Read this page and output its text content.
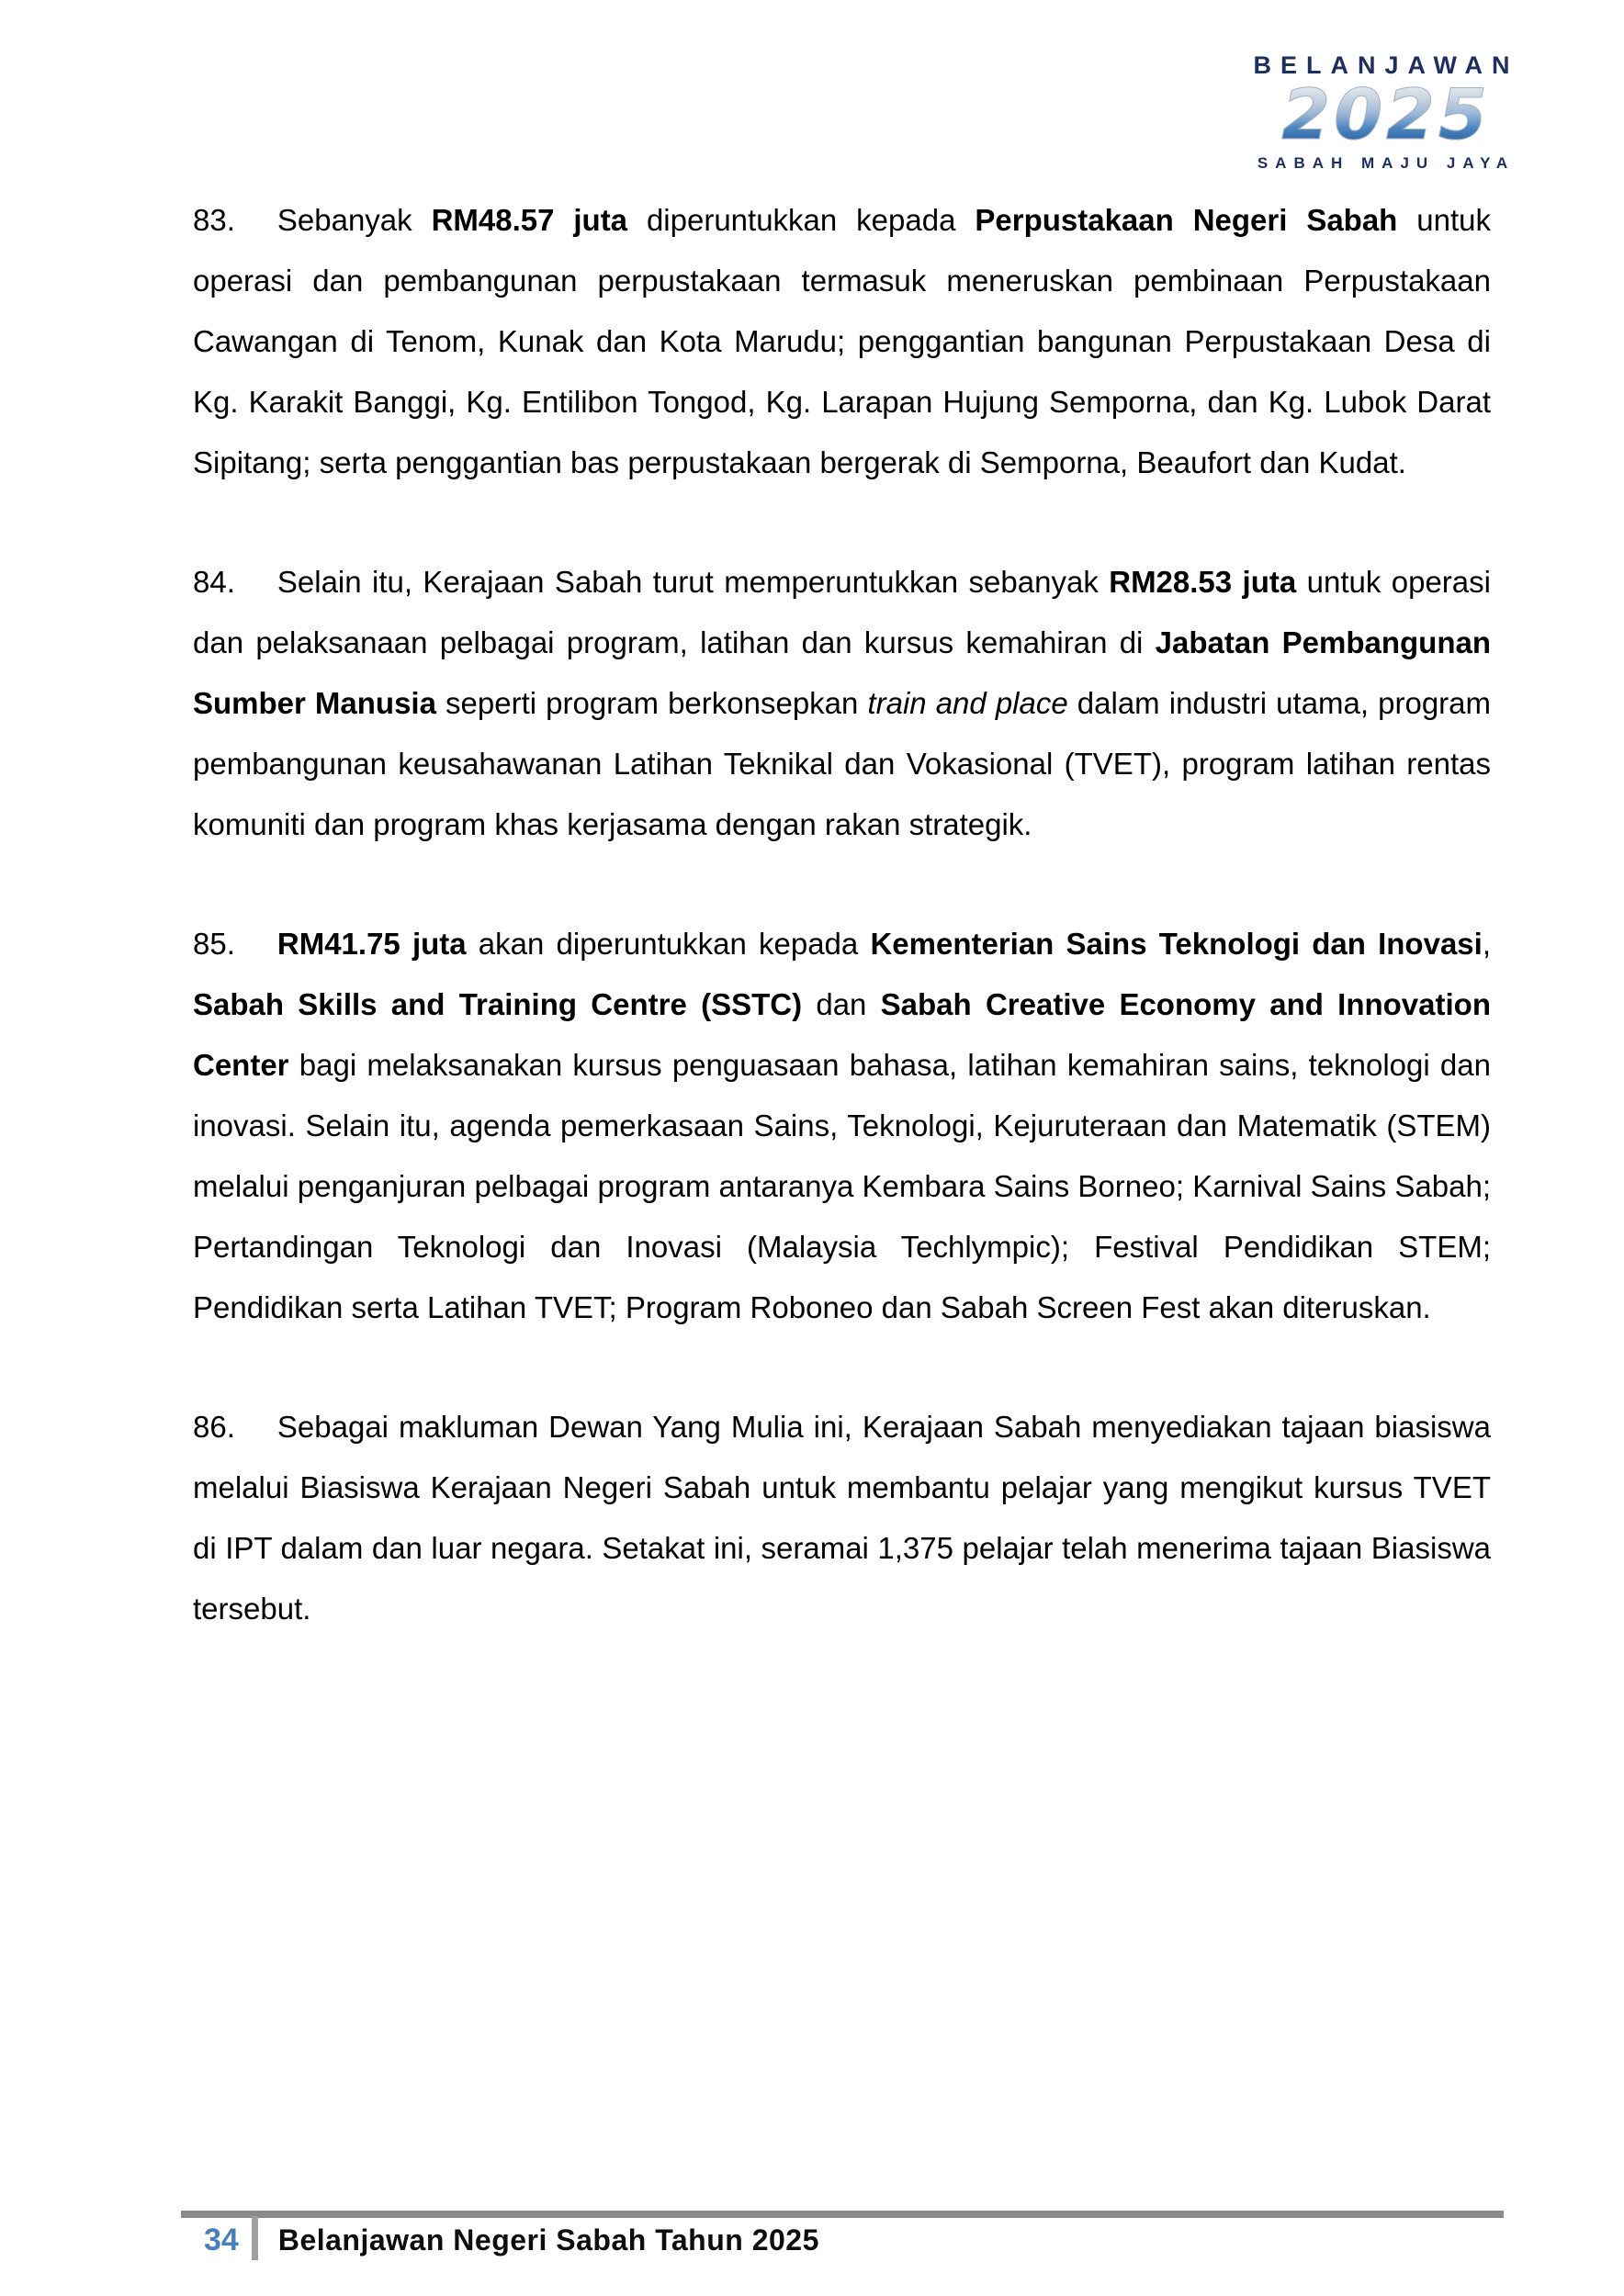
BELANJAWAN
2025
SABAH MAJU JAYA

83. Sebanyak RM48.57 juta diperuntukkan kepada Perpustakaan Negeri Sabah untuk operasi dan pembangunan perpustakaan termasuk meneruskan pembinaan Perpustakaan Cawangan di Tenom, Kunak dan Kota Marudu; penggantian bangunan Perpustakaan Desa di Kg. Karakit Banggi, Kg. Entilibon Tongod, Kg. Larapan Hujung Semporna, dan Kg. Lubok Darat Sipitang; serta penggantian bas perpustakaan bergerak di Semporna, Beaufort dan Kudat.

84. Selain itu, Kerajaan Sabah turut memperuntukkan sebanyak RM28.53 juta untuk operasi dan pelaksanaan pelbagai program, latihan dan kursus kemahiran di Jabatan Pembangunan Sumber Manusia seperti program berkonsepkan train and place dalam industri utama, program pembangunan keusahawanan Latihan Teknikal dan Vokasional (TVET), program latihan rentas komuniti dan program khas kerjasama dengan rakan strategik.

85. RM41.75 juta akan diperuntukkan kepada Kementerian Sains Teknologi dan Inovasi, Sabah Skills and Training Centre (SSTC) dan Sabah Creative Economy and Innovation Center bagi melaksanakan kursus penguasaan bahasa, latihan kemahiran sains, teknologi dan inovasi. Selain itu, agenda pemerkasaan Sains, Teknologi, Kejuruteraan dan Matematik (STEM) melalui penganjuran pelbagai program antaranya Kembara Sains Borneo; Karnival Sains Sabah; Pertandingan Teknologi dan Inovasi (Malaysia Techlympic); Festival Pendidikan STEM; Pendidikan serta Latihan TVET; Program Roboneo dan Sabah Screen Fest akan diteruskan.

86. Sebagai makluman Dewan Yang Mulia ini, Kerajaan Sabah menyediakan tajaan biasiswa melalui Biasiswa Kerajaan Negeri Sabah untuk membantu pelajar yang mengikut kursus TVET di IPT dalam dan luar negara. Setakat ini, seramai 1,375 pelajar telah menerima tajaan Biasiswa tersebut.

34 Belanjawan Negeri Sabah Tahun 2025
